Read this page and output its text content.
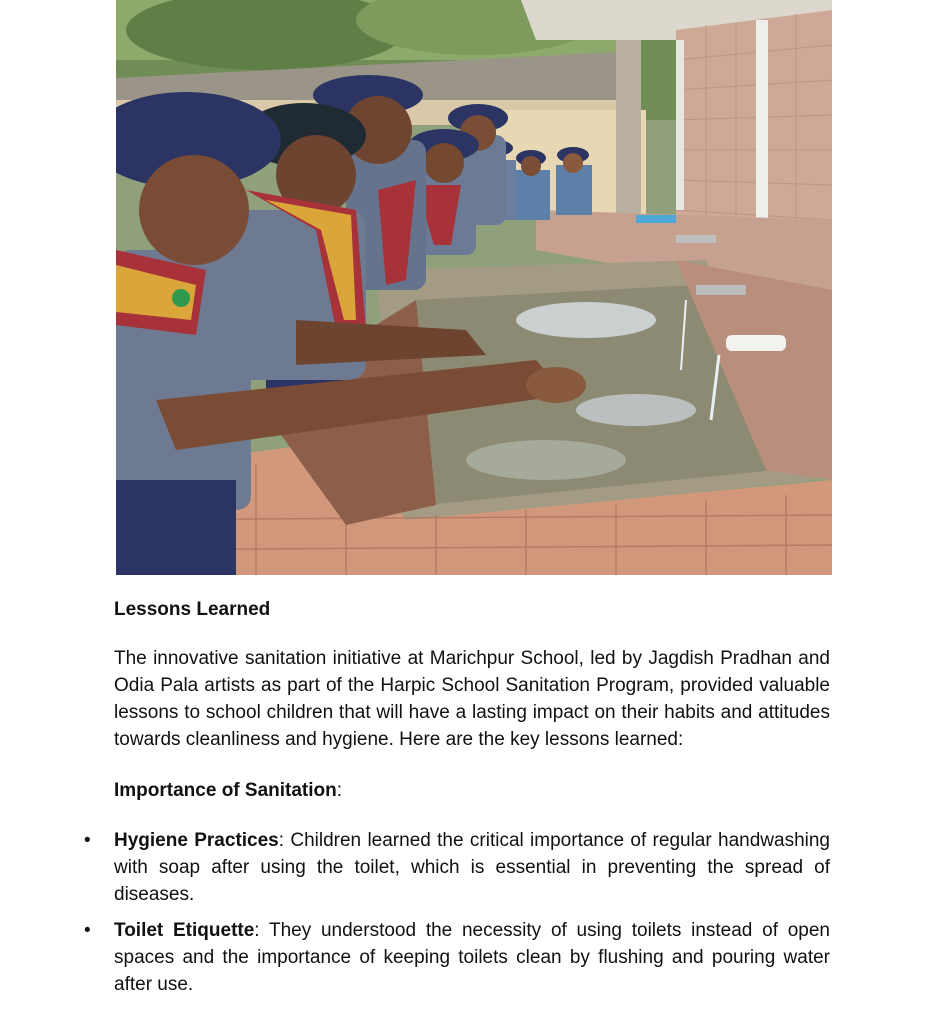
Lessons Learned

The innovative sanitation initiative at Marichpur School, led by Jagdish Pradhan and Odia Pala artists as part of the Harpic School Sanitation Program, provided valuable lessons to school children that will have a lasting impact on their habits and attitudes towards cleanliness and hygiene. Here are the key lessons learned:

Importance of Sanitation:
• Hygiene Practices: Children learned the critical importance of regular handwashing with soap after using the toilet, which is essential in preventing the spread of diseases.
• Toilet Etiquette: They understood the necessity of using toilets instead of open spaces and the importance of keeping toilets clean by flushing and pouring water after use.
